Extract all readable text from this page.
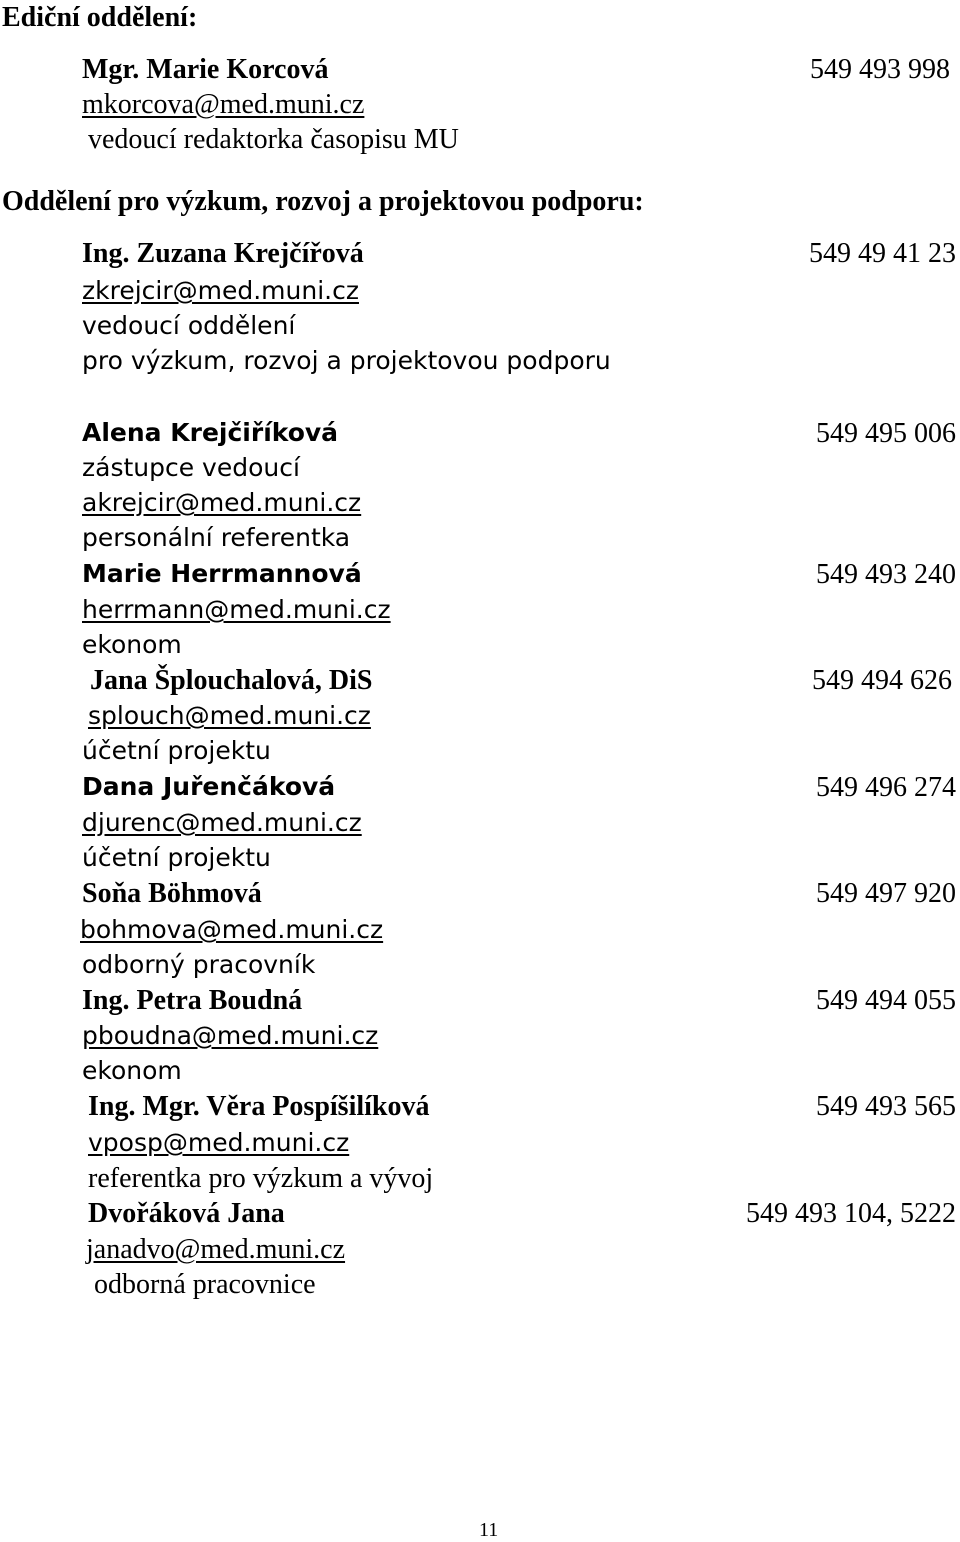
Ediční oddělení:
Mgr. Marie Korcová	549 493 998
mkorcova@med.muni.cz
vedoucí redaktorka časopisu MU
Oddělení pro výzkum, rozvoj a projektovou podporu:
Ing. Zuzana Krejčířová	549 49 41 23
zkrejcir@med.muni.cz
vedoucí oddělení
pro výzkum, rozvoj a projektovou podporu
Alena Krejčiříková	549 495 006
zástupce vedoucí
akrejcir@med.muni.cz
personální referentka
Marie Herrmannová	549 493 240
herrmann@med.muni.cz
ekonom
Jana Šplouchalová, DiS	549 494 626
splouch@med.muni.cz
účetní projektu
Dana Juřenčáková	549 496 274
djurenc@med.muni.cz
účetní projektu
Soňa Böhmová	549 497 920
bohmova@med.muni.cz
odborný pracovník
Ing. Petra Boudná	549 494 055
pboudna@med.muni.cz
ekonom
Ing. Mgr. Věra Pospíšilíková	549 493 565
vposp@med.muni.cz
referentka pro výzkum a vývoj
Dvořáková Jana	549 493 104, 5222
janadvo@med.muni.cz
odborná pracovnice
11
